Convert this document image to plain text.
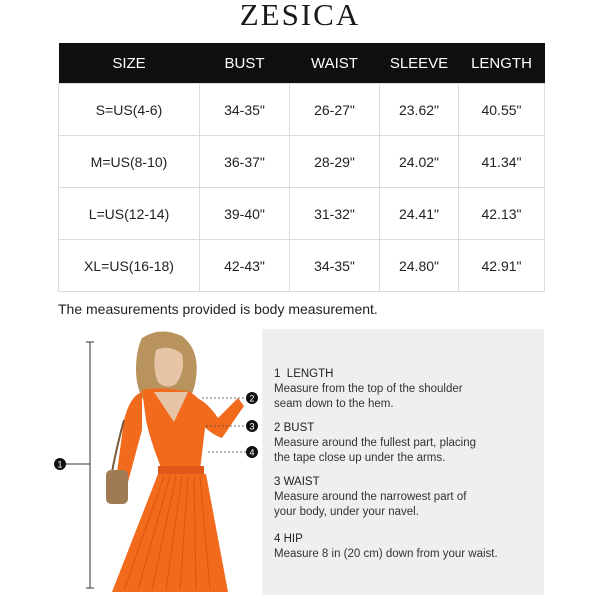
ZESICA
SIZE	BUST	WAIST	SLEEVE	LENGTH
S=US(4-6)	34-35"	26-27"	23.62"	40.55"
M=US(8-10)	36-37"	28-29"	24.02"	41.34"
L=US(12-14)	39-40"	31-32"	24.41"	42.13"
XL=US(16-18)	42-43"	34-35"	24.80"	42.91"
The measurements provided is body measurement.
1
2
3
4
1 LENGTH
Measure from the top of the shoulder
seam down to the hem.
2 BUST
Measure around the fullest part, placing
the tape close up under the arms.
3 WAIST
Measure around the narrowest part of
your body, under your navel.
4 HIP
Measure 8 in (20 cm) down from your waist.
